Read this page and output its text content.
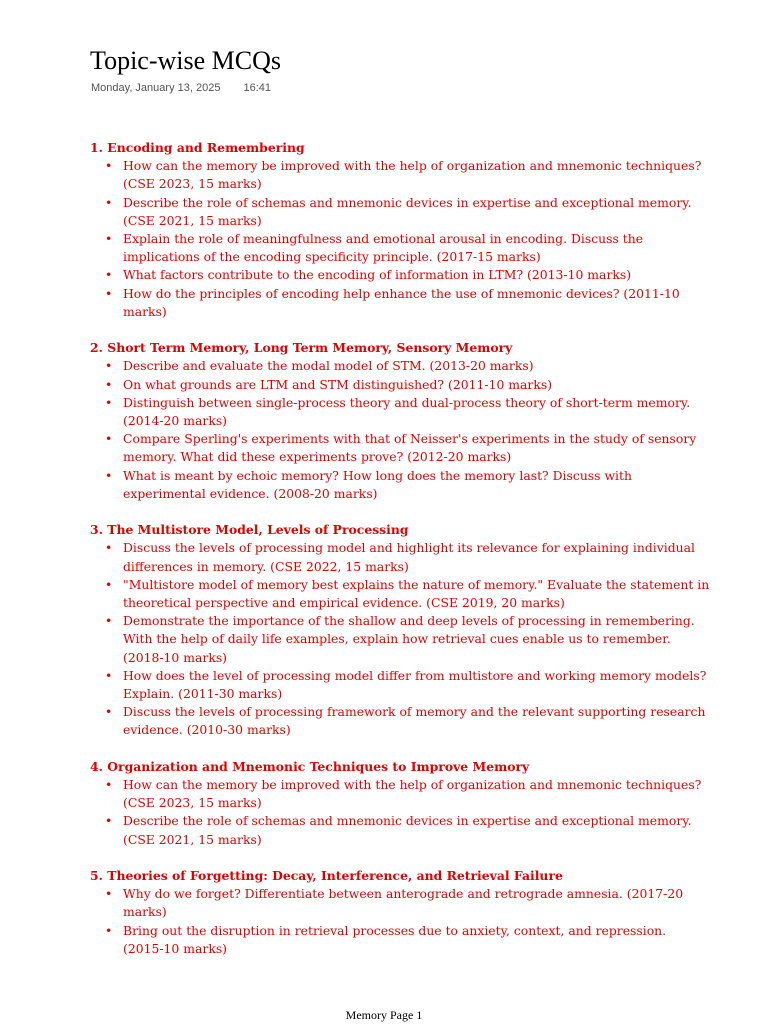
Topic-wise MCQs
Monday, January 13, 2025 16:41

1. Encoding and Remembering

• How can the memory be improved with the help of organization and mnemonic techniques? (CSE 2023, 15 marks)
• Describe the role of schemas and mnemonic devices in expertise and exceptional memory. (CSE 2021, 15 marks)
• Explain the role of meaningfulness and emotional arousal in encoding. Discuss the implications of the encoding specificity principle. (2017-15 marks)
• What factors contribute to the encoding of information in LTM? (2013-10 marks)
• How do the principles of encoding help enhance the use of mnemonic devices? (2011-10 marks)

2. Short Term Memory, Long Term Memory, Sensory Memory

• Describe and evaluate the modal model of STM. (2013-20 marks)
• On what grounds are LTM and STM distinguished? (2011-10 marks)
• Distinguish between single-process theory and dual-process theory of short-term memory. (2014-20 marks)
• Compare Sperling's experiments with that of Neisser's experiments in the study of sensory memory. What did these experiments prove? (2012-20 marks)
• What is meant by echoic memory? How long does the memory last? Discuss with experimental evidence. (2008-20 marks)

3. The Multistore Model, Levels of Processing

• Discuss the levels of processing model and highlight its relevance for explaining individual differences in memory. (CSE 2022, 15 marks)
• "Multistore model of memory best explains the nature of memory." Evaluate the statement in theoretical perspective and empirical evidence. (CSE 2019, 20 marks)
• Demonstrate the importance of the shallow and deep levels of processing in remembering. With the help of daily life examples, explain how retrieval cues enable us to remember. (2018-10 marks)
• How does the level of processing model differ from multistore and working memory models? Explain. (2011-30 marks)
• Discuss the levels of processing framework of memory and the relevant supporting research evidence. (2010-30 marks)

4. Organization and Mnemonic Techniques to Improve Memory

• How can the memory be improved with the help of organization and mnemonic techniques? (CSE 2023, 15 marks)
• Describe the role of schemas and mnemonic devices in expertise and exceptional memory. (CSE 2021, 15 marks)

5. Theories of Forgetting: Decay, Interference, and Retrieval Failure

• Why do we forget? Differentiate between anterograde and retrograde amnesia. (2017-20 marks)
• Bring out the disruption in retrieval processes due to anxiety, context, and repression. (2015-10 marks)
Memory Page 1
